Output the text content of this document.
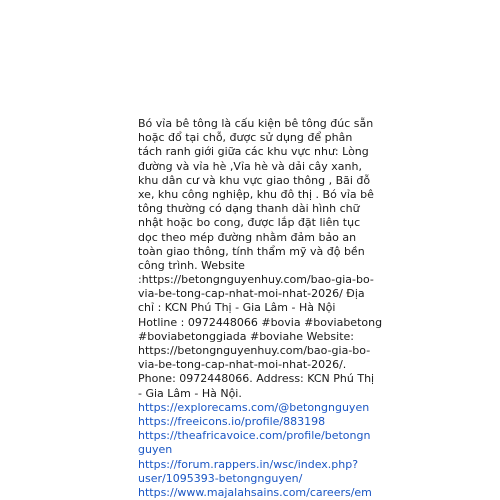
Bó vỉa bê tông là cấu kiện bê tông đúc sẵn
hoặc đổ tại chỗ, được sử dụng để phân
tách ranh giới giữa các khu vực như: Lòng
đường và vỉa hè ,Vỉa hè và dải cây xanh,
khu dân cư và khu vực giao thông , Bãi đỗ
xe, khu công nghiệp, khu đô thị . Bó vỉa bê
tông thường có dạng thanh dài hình chữ
nhật hoặc bo cong, được lắp đặt liên tục
dọc theo mép đường nhằm đảm bảo an
toàn giao thông, tính thẩm mỹ và độ bền
công trình. Website
:https://betongnguyenhuy.com/bao-gia-bo-
via-be-tong-cap-nhat-moi-nhat-2026/ Địa
chỉ : KCN Phú Thị - Gia Lâm - Hà Nội
Hotline : 0972448066 #bovia #boviabetong
#boviabetonggiada #boviahe Website:
https://betongnguyenhuy.com/bao-gia-bo-
via-be-tong-cap-nhat-moi-nhat-2026/.
Phone: 0972448066. Address: KCN Phú Thị
- Gia Lâm - Hà Nội.
https://explorecams.com/@betongnguyen
https://freeicons.io/profile/883198
https://theafricavoice.com/profile/betongn
guyen
https://forum.rappers.in/wsc/index.php?
user/1095393-betongnguyen/
https://www.majalahsains.com/careers/em
